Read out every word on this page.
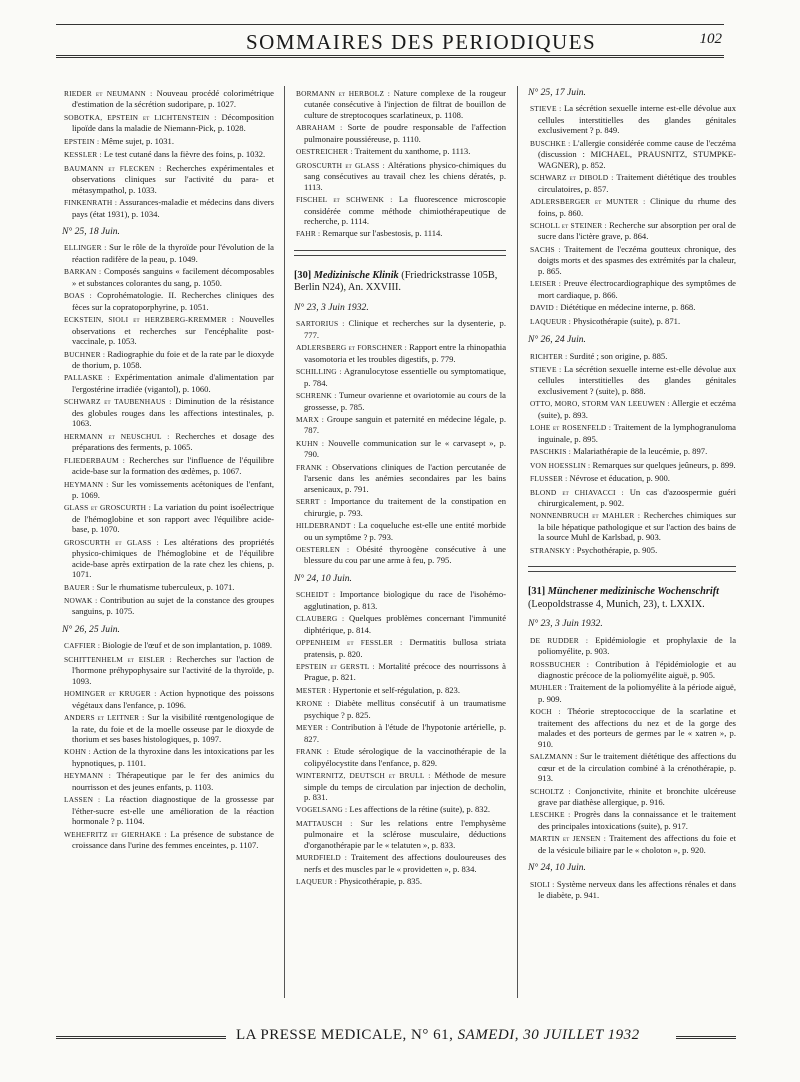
SOMMAIRES DES PERIODIQUES	102

RIEDER et NEUMANN : Nouveau procédé colorimétrique d'estimation de la sécrétion sudoripare, p. 1027.

SOBOTKA, EPSTEIN et LICHTENSTEIN : Décomposition lipoïde dans la maladie de Niemann-Pick, p. 1028.

EPSTEIN : Même sujet, p. 1031.

KESSLER : Le test cutané dans la fièvre des foins, p. 1032.

BAUMANN et FLECKEN : Recherches expérimentales et observations cliniques sur l'activité du para- et métasympathol, p. 1033.

FINKENRATH : Assurances-maladie et médecins dans divers pays (état 1931), p. 1034.

N° 25, 18 Juin.

ELLINGER : Sur le rôle de la thyroïde pour l'évolution de la réaction radifère de la peau, p. 1049.

BARKAN : Composés sanguins « facilement décomposables » et substances colorantes du sang, p. 1050.

BOAS : Coprohématologie. II. Recherches cliniques des fèces sur la copratoporphyrine, p. 1051.

ECKSTEIN, SIOLI et HERZBERG-KREMMER : Nouvelles observations et recherches sur l'encéphalite post-vaccinale, p. 1053.

BUCHNER : Radiographie du foie et de la rate par le dioxyde de thorium, p. 1058.

PALLASKE : Expérimentation animale d'alimentation par l'ergostérine irradiée (vigantol), p. 1060.

SCHWARZ et TAUBENHAUS : Diminution de la résistance des globules rouges dans les affections intestinales, p. 1063.

HERMANN et NEUSCHUL : Recherches et dosage des préparations des ferments, p. 1065.

FLIEDERBAUM : Recherches sur l'influence de l'équilibre acide-base sur la formation des œdèmes, p. 1067.

HEYMANN : Sur les vomissements acétoniques de l'enfant, p. 1069.

GLASS et GROSCURTH : La variation du point isoélectrique de l'hémoglobine et son rapport avec l'équilibre acide-base, p. 1070.

GROSCURTH et GLASS : Les altérations des propriétés physico-chimiques de l'hémoglobine et de l'équilibre acide-base après extirpation de la rate chez les chiens, p. 1071.

BAUER : Sur le rhumatisme tuberculeux, p. 1071.

NOWAK : Contribution au sujet de la constance des groupes sanguins, p. 1075.

N° 26, 25 Juin.

CAFFIER : Biologie de l'œuf et de son implantation, p. 1089.

SCHITTENHELM et EISLER : Recherches sur l'action de l'hormone préhypophysaire sur l'activité de la thyroïde, p. 1093.

HOMINGER et KRUGER : Action hypnotique des poissons végétaux dans l'enfance, p. 1096.

ANDERS et LEITNER : Sur la visibilité rœntgenologique de la rate, du foie et de la moelle osseuse par le dioxyde de thorium et ses bases histologiques, p. 1097.

KOHN : Action de la thyroxine dans les intoxications par les hypnotiques, p. 1101.

HEYMANN : Thérapeutique par le fer des animics du nourrisson et des jeunes enfants, p. 1103.

LASSEN : La réaction diagnostique de la grossesse par l'éther-sucre est-elle une amélioration de la réaction hormonale ? p. 1104.

WEHEFRITZ et GIERHAKE : La présence de substance de croissance dans l'urine des femmes enceintes, p. 1107.

BORMANN et HERBOLZ : Nature complexe de la rougeur cutanée consécutive à l'injection de filtrat de bouillon de culture de streptocoques scarlatineux, p. 1108.

ABRAHAM : Sorte de poudre responsable de l'affection pulmonaire poussiéreuse, p. 1110.

OESTREICHER : Traitement du xanthome, p. 1113.

GROSCURTH et GLASS : Altérations physico-chimiques du sang consécutives au travail chez les chiens dératés, p. 1113.

FISCHEL et SCHWENK : La fluorescence microscopie considérée comme méthode chimiothérapeutique de recherche, p. 1114.

FAHR : Remarque sur l'asbestosis, p. 1114.

[30] Medizinische Klinik (Friedrickstrasse 105B, Berlin N24), An. XXVIII.
N° 23, 3 Juin 1932.

SARTORIUS : Clinique et recherches sur la dysenterie, p. 777.

ADLERSBERG et FORSCHNER : Rapport entre la rhinopathia vasomotoria et les troubles digestifs, p. 779.

SCHILLING : Agranulocytose essentielle ou symptomatique, p. 784.

SCHRENK : Tumeur ovarienne et ovariotomie au cours de la grossesse, p. 785.

MARX : Groupe sanguin et paternité en médecine légale, p. 787.

KUHN : Nouvelle communication sur le « carvasept », p. 790.

FRANK : Observations cliniques de l'action percutanée de l'arsenic dans les anémies secondaires par les bains arsenicaux, p. 791.

SERRT : Importance du traitement de la constipation en chirurgie, p. 793.

HILDEBRANDT : La coqueluche est-elle une entité morbide ou un symptôme ? p. 793.

OESTERLEN : Obésité thyroogène consécutive à une blessure du cou par une arme à feu, p. 795.

N° 24, 10 Juin.

SCHEIDT : Importance biologique du race de l'isohémo-agglutination, p. 813.

CLAUBERG : Quelques problèmes concernant l'immunité diphtérique, p. 814.

OPPENHEIM et FESSLER : Dermatitis bullosa striata pratensis, p. 820.

EPSTEIN et GERSTL : Mortalité précoce des nourrissons à Prague, p. 821.

MESTER : Hypertonie et self-régulation, p. 823.

KRONE : Diabète mellitus consécutif à un traumatisme psychique ? p. 825.

MEYER : Contribution à l'étude de l'hypotonie artérielle, p. 827.

FRANK : Etude sérologique de la vaccinothérapie de la colipyélocystite dans l'enfance, p. 829.

WINTERNITZ, DEUTSCH et BRULL : Méthode de mesure simple du temps de circulation par injection de decholin, p. 831.

VOGELSANG : Les affections de la rétine (suite), p. 832.

MATTAUSCH : Sur les relations entre l'emphysème pulmonaire et la sclérose musculaire, déductions d'organothérapie par le « telatuten », p. 833.

MURDFIELD : Traitement des affections douloureuses des nerfs et des muscles par le « providetten », p. 834.

LAQUEUR : Physicothérapie, p. 835.

N° 25, 17 Juin.

STIEVE : La sécrétion sexuelle interne est-elle dévolue aux cellules interstitielles des glandes génitales exclusivement ? p. 849.

BUSCHKE : L'allergie considérée comme cause de l'eczéma (discussion : MICHAEL, PRAUSNITZ, STUMPKE-WAGNER), p. 852.

SCHWARZ et DIBOLD : Traitement diététique des troubles circulatoires, p. 857.

ADLERSBERGER et MUNTER : Clinique du rhume des foins, p. 860.

SCHOLL et STEINER : Recherche sur absorption per oral de sucre dans l'ictère grave, p. 864.

SACHS : Traitement de l'eczéma goutteux chronique, des doigts morts et des spasmes des extrémités par la chaleur, p. 865.

LEISER : Preuve électrocardiographique des symptômes de mort cardiaque, p. 866.

DAVID : Diététique en médecine interne, p. 868.

LAQUEUR : Physicothérapie (suite), p. 871.

N° 26, 24 Juin.

RICHTER : Surdité ; son origine, p. 885.

STIEVE : La sécrétion sexuelle interne est-elle dévolue aux cellules interstitielles des glandes génitales exclusivement ? (suite), p. 888.

OTTO, MORO, STORM VAN LEEUWEN : Allergie et eczéma (suite), p. 893.

LOHE et ROSENFELD : Traitement de la lymphogranuloma inguinale, p. 895.

PASCHKIS : Malariathérapie de la leucémie, p. 897.

VON HOESSLIN : Remarques sur quelques jeûneurs, p. 899.

FLUSSER : Névrose et éducation, p. 900.

BLOND et CHIAVACCI : Un cas d'azoospermie guéri chirurgicalement, p. 902.

NONNENBRUCH et MAHLER : Recherches chimiques sur la bile hépatique pathologique et sur l'action des bains de la source Muhl de Karlsbad, p. 903.

STRANSKY : Psychothérapie, p. 905.

[31] Münchener medizinische Wochenschrift (Leopoldstrasse 4, Munich, 23), t. LXXIX.
N° 23, 3 Juin 1932.

DE RUDDER : Epidémiologie et prophylaxie de la poliomyélite, p. 903.

ROSSBUCHER : Contribution à l'épidémiologie et au diagnostic précoce de la poliomyélite aiguë, p. 905.

MUHLER : Traitement de la poliomyélite à la période aiguë, p. 909.

KOCH : Théorie streptococcique de la scarlatine et traitement des affections du nez et de la gorge des malades et des porteurs de germes par le « xatren », p. 910.

SALZMANN : Sur le traitement diététique des affections du cœur et de la circulation combiné à la crénothérapie, p. 913.

SCHOLTZ : Conjonctivite, rhinite et bronchite ulcéreuse grave par diathèse allergique, p. 916.

LESCHKE : Progrès dans la connaissance et le traitement des principales intoxications (suite), p. 917.

MARTIN et JENSEN : Traitement des affections du foie et de la vésicule biliaire par le « choloton », p. 920.

N° 24, 10 Juin.

SIOLI : Système nerveux dans les affections rénales et dans le diabète, p. 941.

LA PRESSE MEDICALE, N° 61, SAMEDI, 30 JUILLET 1932
